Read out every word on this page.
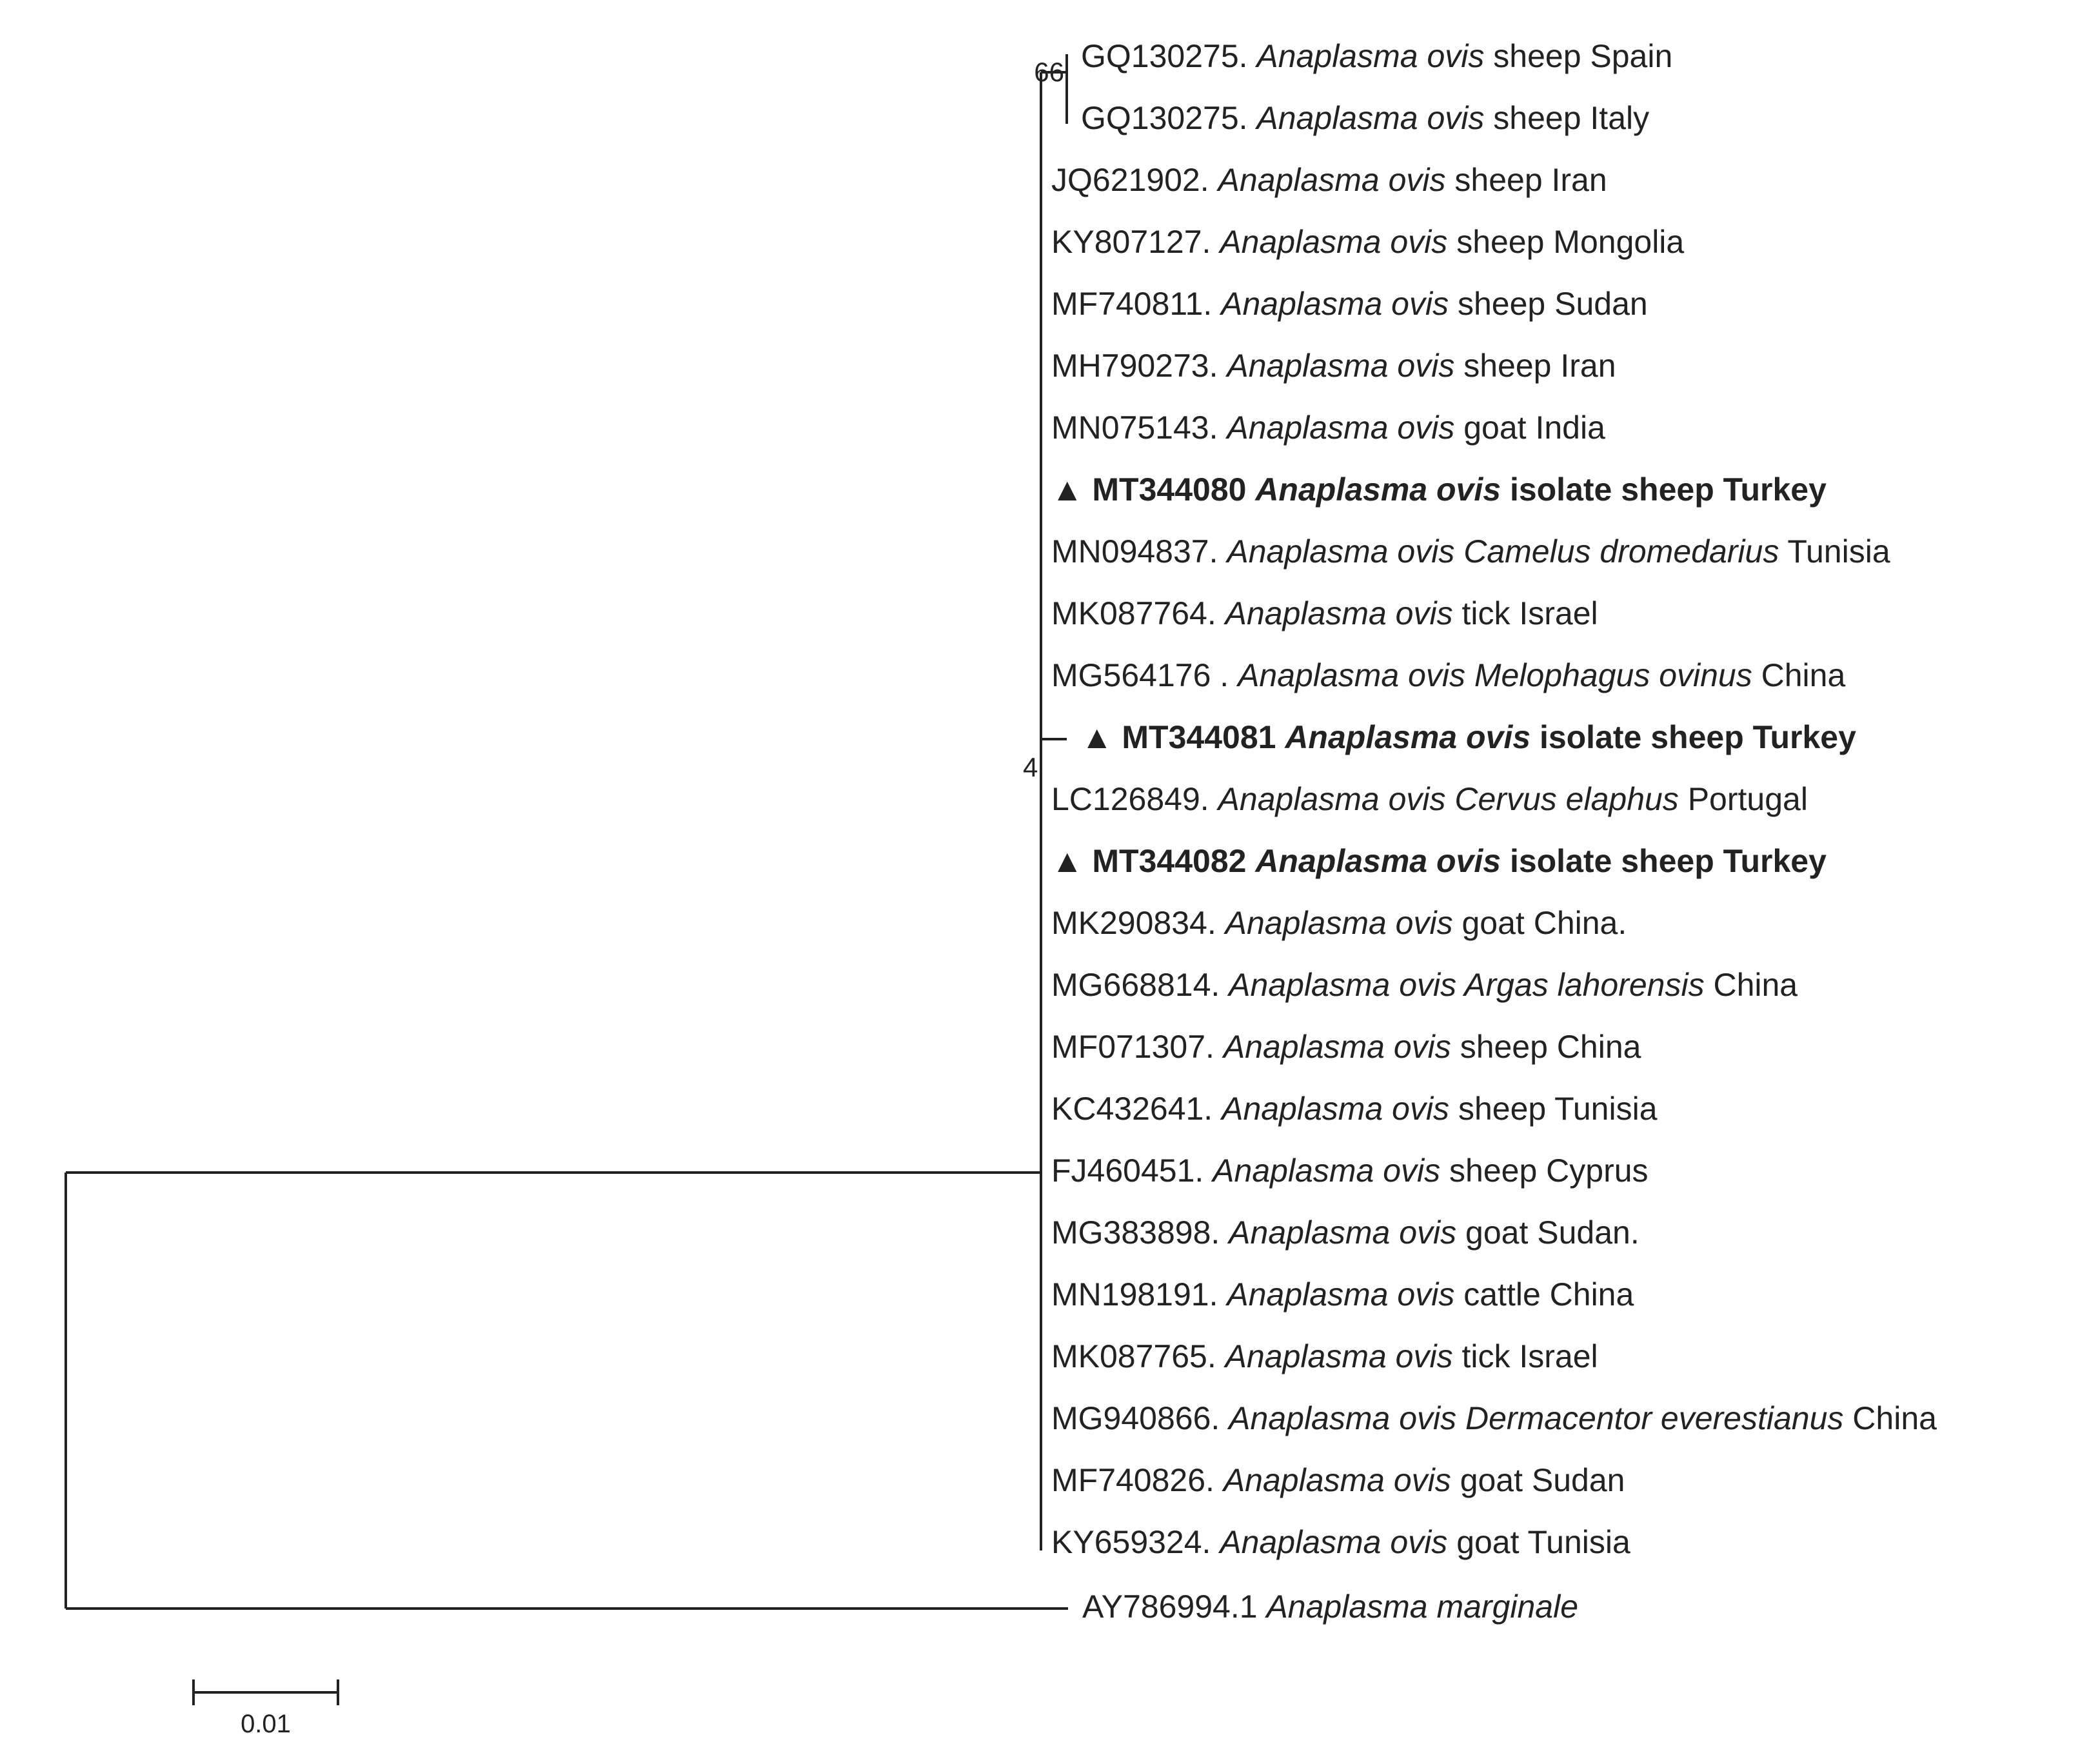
GQ130275. Anaplasma ovis sheep Spain
GQ130275. Anaplasma ovis sheep Italy
JQ621902. Anaplasma ovis sheep Iran
KY807127. Anaplasma ovis sheep Mongolia
MF740811. Anaplasma ovis sheep Sudan
MH790273. Anaplasma ovis sheep Iran
MN075143. Anaplasma ovis goat India
▲ MT344080 Anaplasma ovis isolate sheep Turkey
MN094837. Anaplasma ovis Camelus dromedarius Tunisia
MK087764. Anaplasma ovis tick Israel
MG564176 . Anaplasma ovis Melophagus ovinus China
▲ MT344081 Anaplasma ovis isolate sheep Turkey
LC126849. Anaplasma ovis Cervus elaphus Portugal
▲ MT344082 Anaplasma ovis isolate sheep Turkey
MK290834. Anaplasma ovis goat China.
MG668814. Anaplasma ovis Argas lahorensis China
MF071307. Anaplasma ovis sheep China
KC432641. Anaplasma ovis sheep Tunisia
FJ460451. Anaplasma ovis sheep Cyprus
MG383898. Anaplasma ovis goat Sudan.
MN198191. Anaplasma ovis cattle China
MK087765. Anaplasma ovis tick Israel
MG940866. Anaplasma ovis Dermacentor everestianus China
MF740826. Anaplasma ovis goat Sudan
KY659324. Anaplasma ovis goat Tunisia
AY786994.1 Anaplasma marginale
66
4
0.01
